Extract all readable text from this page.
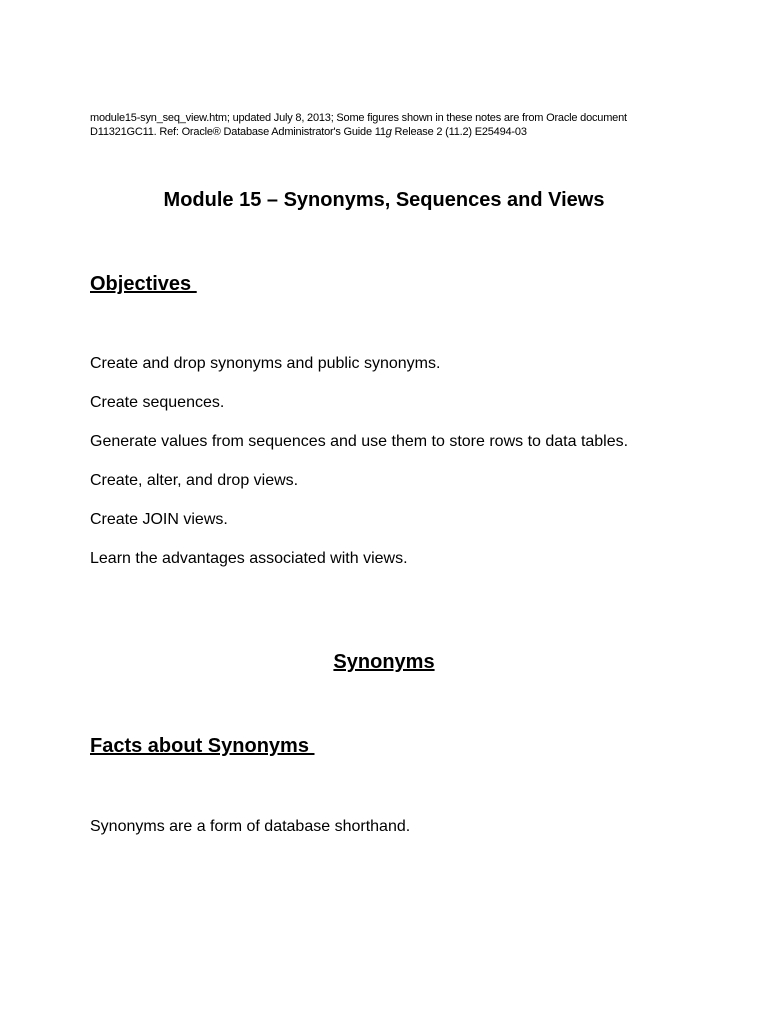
module15-syn_seq_view.htm; updated July 8, 2013; Some figures shown in these notes are from Oracle document
D11321GC11. Ref: Oracle® Database Administrator's Guide 11g Release 2 (11.2) E25494-03
Module 15 – Synonyms, Sequences and Views
Objectives
Create and drop synonyms and public synonyms.
Create sequences.
Generate values from sequences and use them to store rows to data tables.
Create, alter, and drop views.
Create JOIN views.
Learn the advantages associated with views.
Synonyms
Facts about Synonyms

Synonyms are a form of database shorthand.
